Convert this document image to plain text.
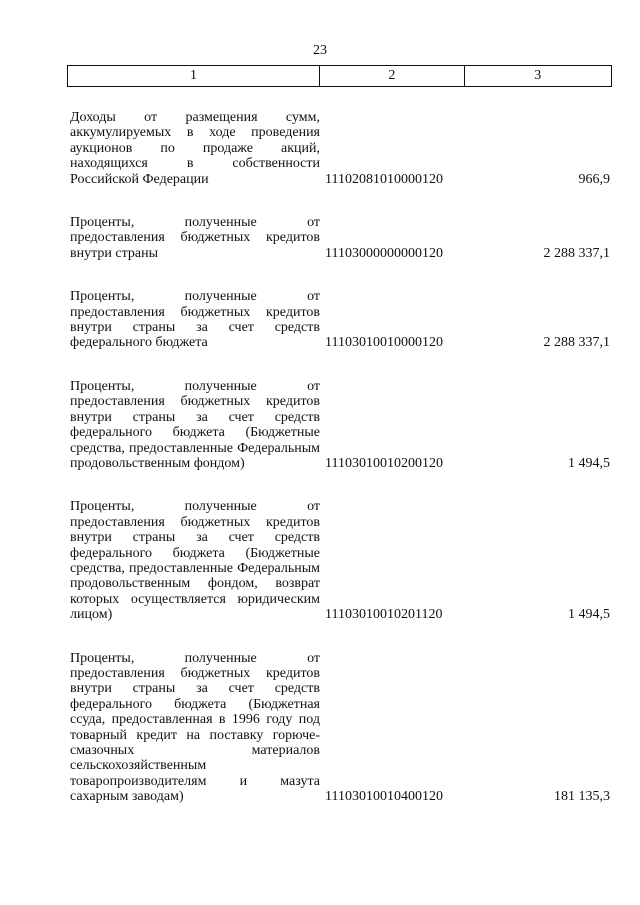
23
1	2	3
Доходы от размещения сумм, аккумулируемых в ходе проведения аукционов по продаже акций, находящихся в собственности Российской Федерации	11102081010000120	966,9
Проценты, полученные от предоставления бюджетных кредитов внутри страны	11103000000000120	2 288 337,1
Проценты, полученные от предоставления бюджетных кредитов внутри страны за счет средств федерального бюджета	11103010010000120	2 288 337,1
Проценты, полученные от предоставления бюджетных кредитов внутри страны за счет средств федерального бюджета (Бюджетные средства, предоставленные Федеральным продовольственным фондом)	11103010010200120	1 494,5
Проценты, полученные от предоставления бюджетных кредитов внутри страны за счет средств федерального бюджета (Бюджетные средства, предоставленные Федеральным продовольственным фондом, возврат которых осуществляется юридическим лицом)	11103010010201120	1 494,5
Проценты, полученные от предоставления бюджетных кредитов внутри страны за счет средств федерального бюджета (Бюджетная ссуда, предоставленная в 1996 году под товарный кредит на поставку горюче-смазочных материалов сельскохозяйственным товаропроизводителям и мазута сахарным заводам)	11103010010400120	181 135,3
